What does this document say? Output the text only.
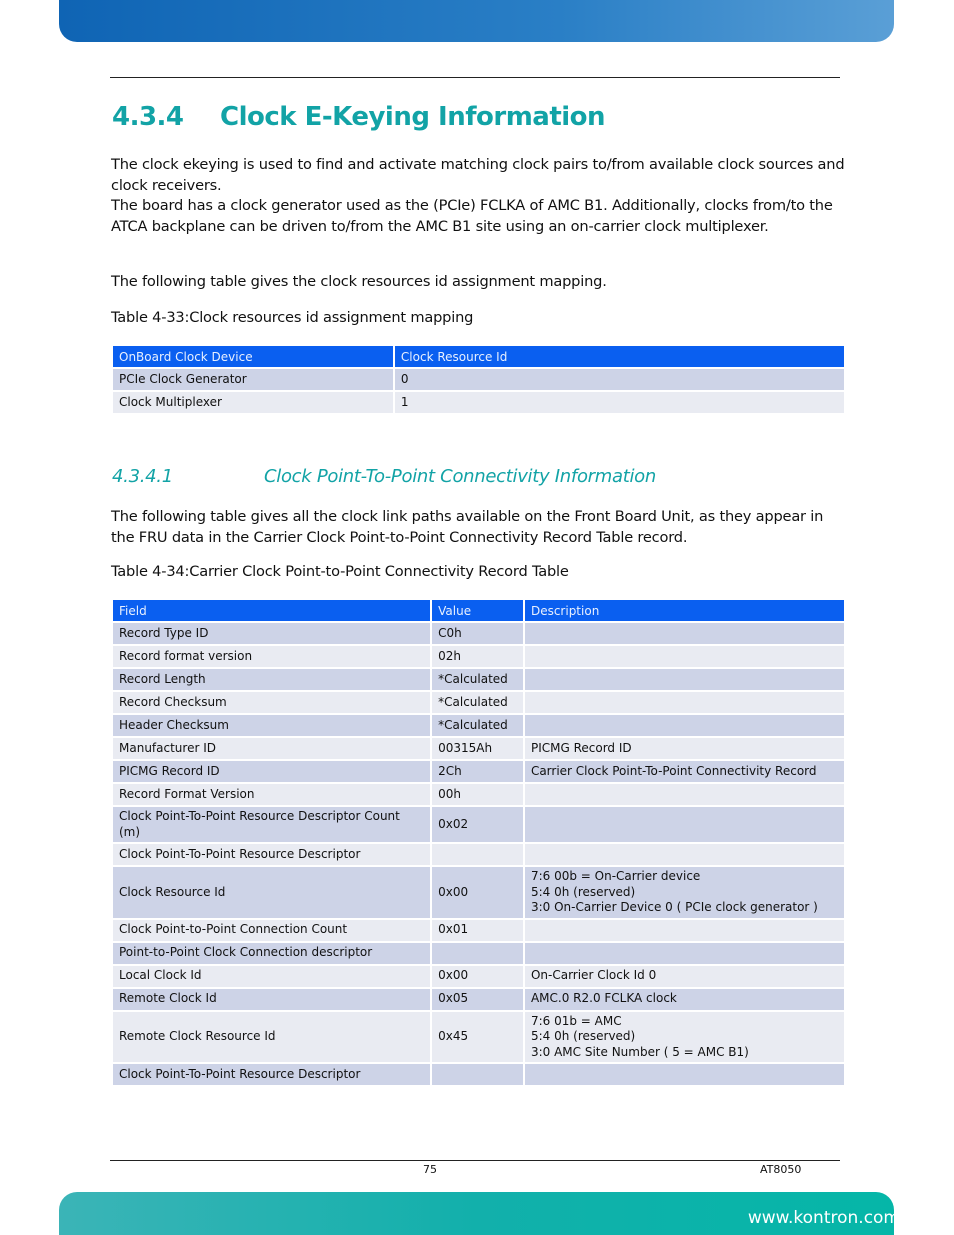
4.3.4 Clock E-Keying Information
The clock ekeying is used to find and activate matching clock pairs to/from available clock sources and clock receivers.
The board has a clock generator used as the (PCIe) FCLKA of AMC B1. Additionally, clocks from/to the ATCA backplane can be driven to/from the AMC B1 site using an on-carrier clock multiplexer.
The following table gives the clock resources id assignment mapping.
Table 4-33:Clock resources id assignment mapping
OnBoard Clock Device	Clock Resource Id
PCIe Clock Generator	0
Clock Multiplexer	1
4.3.4.1	Clock Point-To-Point Connectivity Information
The following table gives all the clock link paths available on the Front Board Unit, as they appear in the FRU data in the Carrier Clock Point-to-Point Connectivity Record Table record.
Table 4-34:Carrier Clock Point-to-Point Connectivity Record Table
Field	Value	Description
Record Type ID	C0h	
Record format version	02h	
Record Length	*Calculated	
Record Checksum	*Calculated	
Header Checksum	*Calculated	
Manufacturer ID	00315Ah	PICMG Record ID
PICMG Record ID	2Ch	Carrier Clock Point-To-Point Connectivity Record
Record Format Version	00h	
Clock Point-To-Point Resource Descriptor Count (m)	0x02	
Clock Point-To-Point Resource Descriptor		
Clock Resource Id	0x00	7:6 00b = On-Carrier device
5:4 0h (reserved)
3:0 On-Carrier Device 0 ( PCIe clock generator )
Clock Point-to-Point Connection Count	0x01	
Point-to-Point Clock Connection descriptor		
Local Clock Id	0x00	On-Carrier Clock Id 0
Remote Clock Id	0x05	AMC.0 R2.0 FCLKA clock
Remote Clock Resource Id	0x45	7:6 01b = AMC
5:4 0h (reserved)
3:0 AMC Site Number ( 5 = AMC B1)
Clock Point-To-Point Resource Descriptor		
75	AT8050
www.kontron.com
